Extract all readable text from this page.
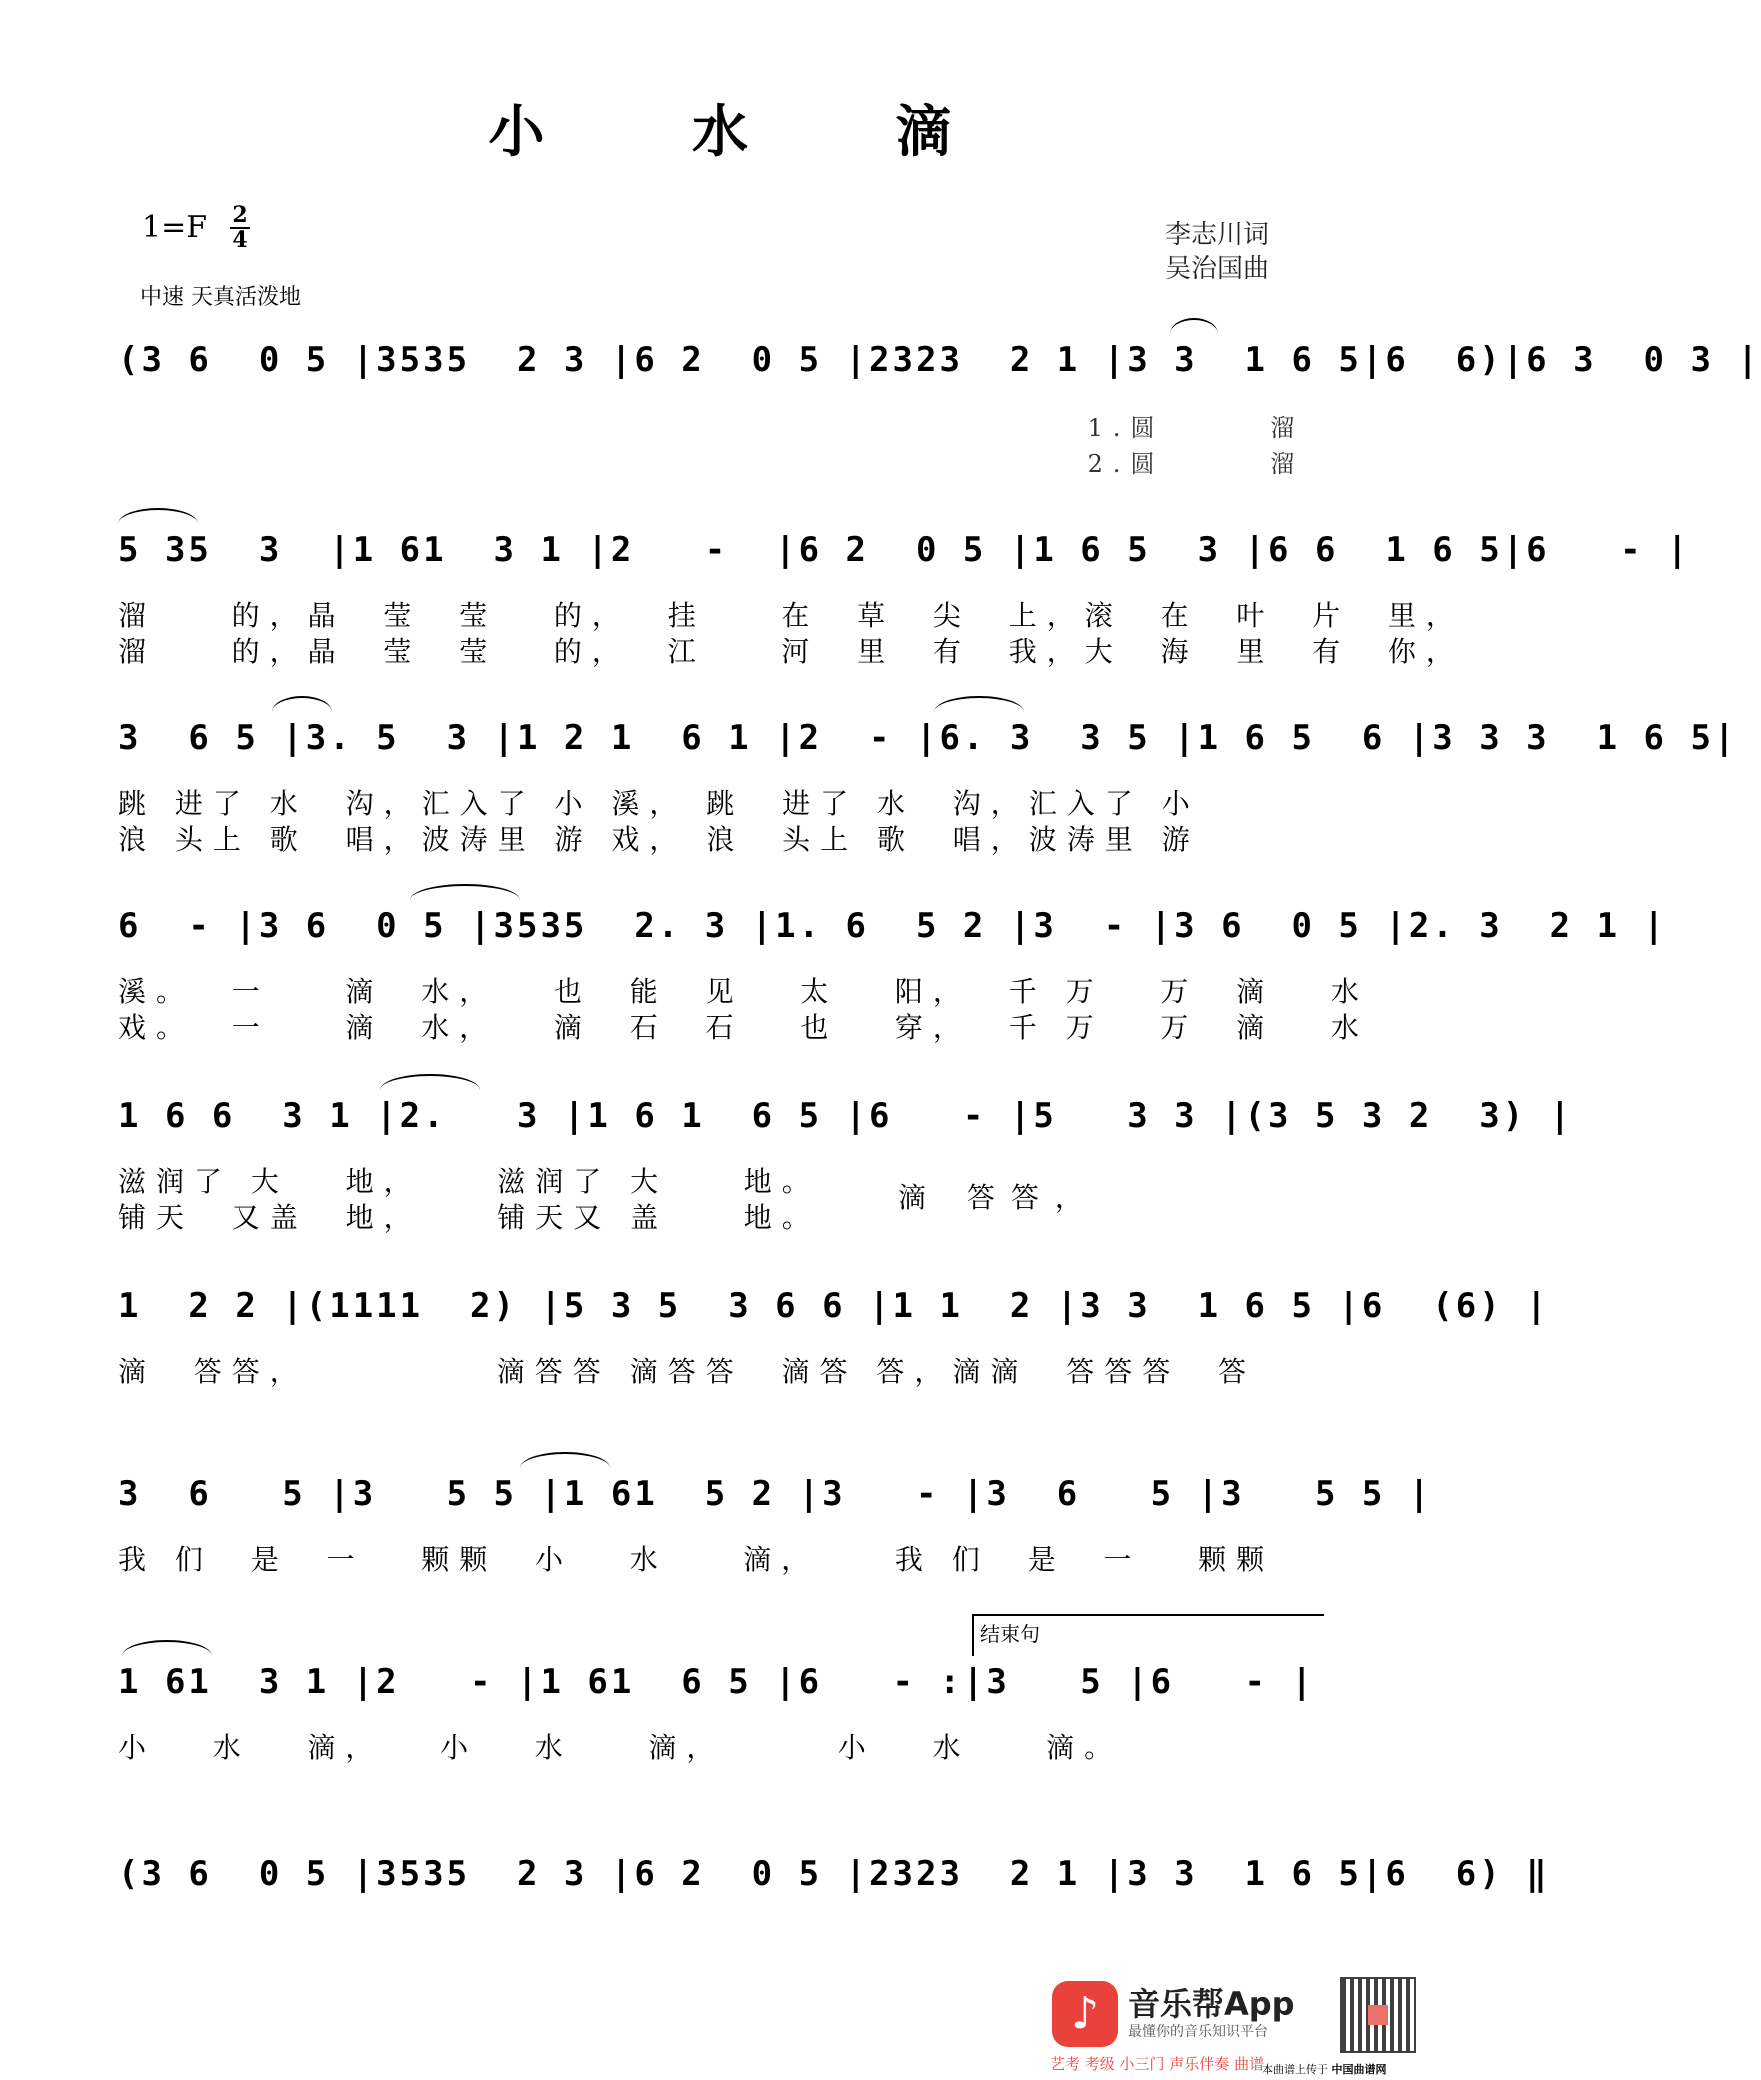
小 水 滴
1=F 2
4
中速 天真活泼地
李志川词
吴治国曲
(3 6  0 5 |3535  2 3 |6 2  0 5 |2323  2 1 |3 3  1 6 5|6  6)|6 3  0 3 |
1.圆      溜
2.圆      溜
5 35  3  |1 61  3 1 |2   -  |6 2  0 5 |1 6 5  3 |6 6  1 6 5|6   - |
溜    的，晶  莹  莹   的，  挂    在  草  尖  上，滚  在  叶  片  里，
溜    的，晶  莹  莹   的，  江    河  里  有  我，大  海  里  有  你，
3  6 5 |3. 5  3 |1 2 1  6 1 |2  - |6. 3  3 5 |1 6 5  6 |3 3 3  1 6 5|
跳 进了 水  沟，汇入了 小 溪， 跳  进了 水  沟，汇入了 小
浪 头上 歌  唱，波涛里 游 戏， 浪  头上 歌  唱，波涛里 游
6  - |3 6  0 5 |3535  2. 3 |1. 6  5 2 |3  - |3 6  0 5 |2. 3  2 1 |
溪。  一    滴  水，   也  能  见   太   阳，  千 万   万  滴   水
戏。  一    滴  水，   滴  石  石   也   穿，  千 万   万  滴   水
1 6 6  3 1 |2.   3 |1 6 1  6 5 |6   - |5   3 3 |(3 5 3 2  3) |
滋润了 大   地，    滋润了 大    地。
铺天  又盖  地，    铺天又 盖    地。
滴 答答，
1  2 2 |(1111  2) |5 3 5  3 6 6 |1 1  2 |3 3  1 6 5 |6  (6) |
滴  答答，          滴答答 滴答答  滴答 答，滴滴  答答答  答
3  6   5 |3   5 5 |1 61  5 2 |3   - |3  6   5 |3   5 5 |
我 们  是  一   颗颗  小   水    滴，    我 们  是  一   颗颗
结束句
1 61  3 1 |2   - |1 61  6 5 |6   - :|3   5 |6   - |
小   水   滴，   小   水    滴，      小   水    滴。
(3 6  0 5 |3535  2 3 |6 2  0 5 |2323  2 1 |3 3  1 6 5|6  6) ‖
♪ 音乐帮App
最懂你的音乐知识平台
艺考 考级 小三门 声乐伴奏 曲谱
本曲谱上传于 中国曲谱网
